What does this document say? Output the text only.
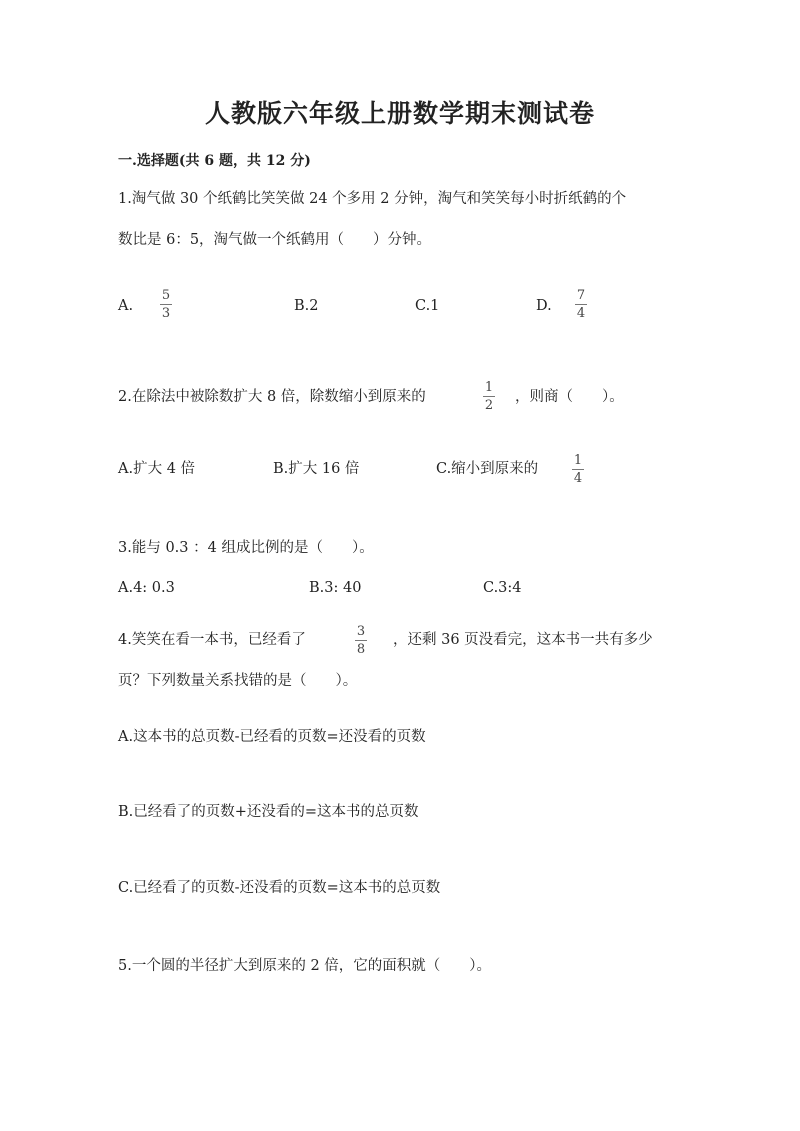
人教版六年级上册数学期末测试卷
一.选择题(共 6 题，共 12 分)
1.淘气做 30 个纸鹤比笑笑做 24 个多用 2 分钟，淘气和笑笑每小时折纸鹤的个
数比是 6：5，淘气做一个纸鹤用（　　）分钟。
A.
5
3	B.2	C.1	D.
7
4
2.在除法中被除数扩大 8 倍，除数缩小到原来的
1
2
，则商（　　）。
A.扩大 4 倍	B.扩大 16 倍	C.缩小到原来的
1
4
3.能与 0.3 ：4 组成比例的是（　　）。
A.4: 0.3	B.3: 40	C.3:4
4.笑笑在看一本书，已经看了
3
8
，还剩 36 页没看完，这本书一共有多少
页？下列数量关系找错的是（　　）。
A.这本书的总页数-已经看的页数=还没看的页数
B.已经看了的页数+还没看的=这本书的总页数
C.已经看了的页数-还没看的页数=这本书的总页数
5.一个圆的半径扩大到原来的 2 倍，它的面积就（　　）。
